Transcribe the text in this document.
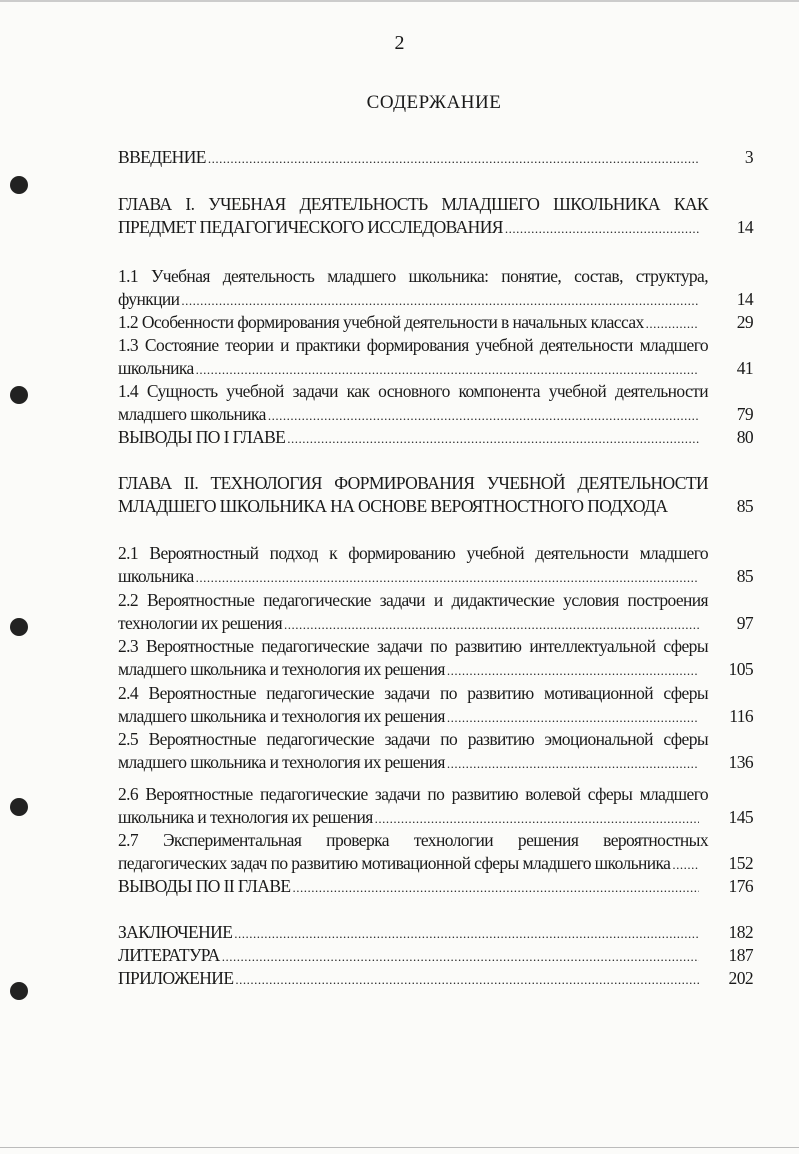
2
СОДЕРЖАНИЕ
ВВЕДЕНИЕ .....	3
ГЛАВА I. УЧЕБНАЯ ДЕЯТЕЛЬНОСТЬ МЛАДШЕГО ШКОЛЬНИКА КАК
ПРЕДМЕТ ПЕДАГОГИЧЕСКОГО ИССЛЕДОВАНИЯ .....	14
1.1 Учебная деятельность младшего школьника: понятие, состав, структура,
функции .....	14
1.2 Особенности формирования учебной деятельности в начальных классах .....	29
1.3 Состояние теории и практики формирования учебной деятельности младшего
школьника .....	41
1.4 Сущность учебной задачи как основного компонента учебной деятельности
младшего школьника .....	79
ВЫВОДЫ ПО I ГЛАВЕ .....	80
ГЛАВА II. ТЕХНОЛОГИЯ ФОРМИРОВАНИЯ УЧЕБНОЙ ДЕЯТЕЛЬНОСТИ
МЛАДШЕГО ШКОЛЬНИКА НА ОСНОВЕ ВЕРОЯТНОСТНОГО ПОДХОДА	85
2.1 Вероятностный подход к формированию учебной деятельности младшего
школьника .....	85
2.2 Вероятностные педагогические задачи и дидактические условия построения
технологии их решения .....	97
2.3 Вероятностные педагогические задачи по развитию интеллектуальной сферы
младшего школьника и технология их решения .....	105
2.4 Вероятностные педагогические задачи по развитию мотивационной сферы
младшего школьника и технология их решения .....	116
2.5 Вероятностные педагогические задачи по развитию эмоциональной сферы
младшего школьника и технология их решения .....	136
2.6 Вероятностные педагогические задачи по развитию волевой сферы младшего
школьника и технология их решения .....	145
2.7 Экспериментальная проверка технологии решения вероятностных
педагогических задач по развитию мотивационной сферы младшего школьника .....	152
ВЫВОДЫ ПО II ГЛАВЕ .....	176
ЗАКЛЮЧЕНИЕ .....	182
ЛИТЕРАТУРА .....	187
ПРИЛОЖЕНИЕ .....	202
